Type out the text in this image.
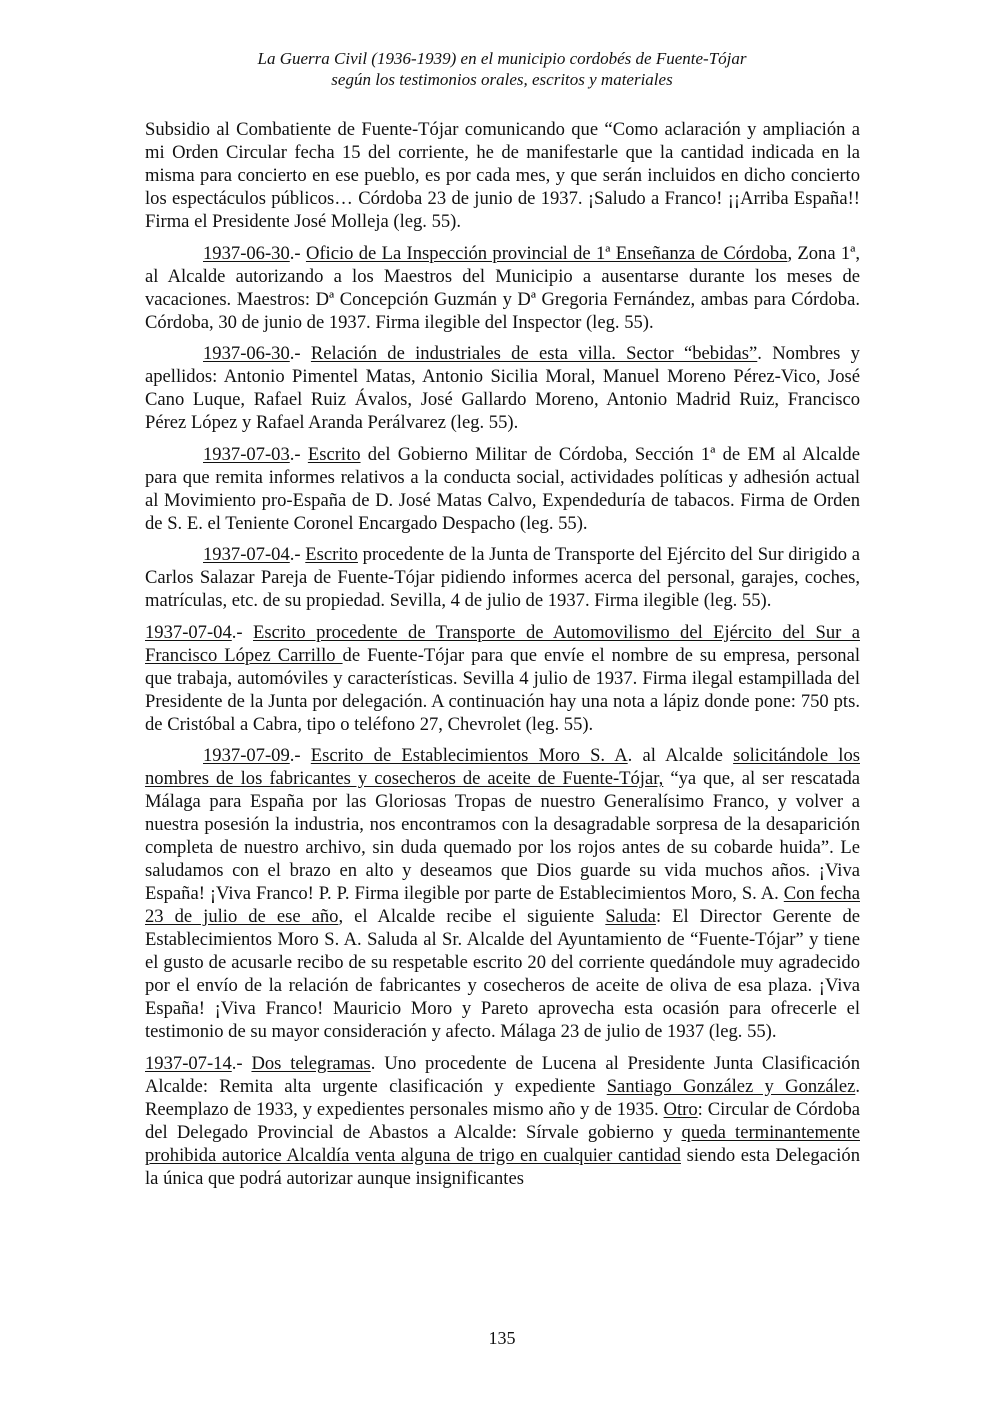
La Guerra Civil (1936-1939) en el municipio cordobés de Fuente-Tójar
según los testimonios orales, escritos y materiales

Subsidio al Combatiente de Fuente-Tójar comunicando que “Como aclaración y ampliación a mi Orden Circular fecha 15 del corriente, he de manifestarle que la cantidad indicada en la misma para concierto en ese pueblo, es por cada mes, y que serán incluidos en dicho concierto los espectáculos públicos… Córdoba 23 de junio de 1937. ¡Saludo a Franco! ¡¡Arriba España!! Firma el Presidente José Molleja (leg. 55).

1937-06-30.- Oficio de La Inspección provincial de 1ª Enseñanza de Córdoba, Zona 1ª, al Alcalde autorizando a los Maestros del Municipio a ausentarse durante los meses de vacaciones. Maestros: Dª Concepción Guzmán y Dª Gregoria Fernández, ambas para Córdoba. Córdoba, 30 de junio de 1937. Firma ilegible del Inspector (leg. 55).

1937-06-30.- Relación de industriales de esta villa. Sector “bebidas”. Nombres y apellidos: Antonio Pimentel Matas, Antonio Sicilia Moral, Manuel Moreno Pérez-Vico, José Cano Luque, Rafael Ruiz Ávalos, José Gallardo Moreno, Antonio Madrid Ruiz, Francisco Pérez López y Rafael Aranda Perálvarez (leg. 55).

1937-07-03.- Escrito del Gobierno Militar de Córdoba, Sección 1ª de EM al Alcalde para que remita informes relativos a la conducta social, actividades políticas y adhesión actual al Movimiento pro-España de D. José Matas Calvo, Expendeduría de tabacos. Firma de Orden de S. E. el Teniente Coronel Encargado Despacho (leg. 55).

1937-07-04.- Escrito procedente de la Junta de Transporte del Ejército del Sur dirigido a Carlos Salazar Pareja de Fuente-Tójar pidiendo informes acerca del personal, garajes, coches, matrículas, etc. de su propiedad. Sevilla, 4 de julio de 1937. Firma ilegible (leg. 55).

1937-07-04.- Escrito procedente de Transporte de Automovilismo del Ejército del Sur a Francisco López Carrillo de Fuente-Tójar para que envíe el nombre de su empresa, personal que trabaja, automóviles y características. Sevilla 4 julio de 1937. Firma ilegal estampillada del Presidente de la Junta por delegación. A continuación hay una nota a lápiz donde pone: 750 pts. de Cristóbal a Cabra, tipo o teléfono 27, Chevrolet (leg. 55).

1937-07-09.- Escrito de Establecimientos Moro S. A. al Alcalde solicitándole los nombres de los fabricantes y cosecheros de aceite de Fuente-Tójar, “ya que, al ser rescatada Málaga para España por las Gloriosas Tropas de nuestro Generalísimo Franco, y volver a nuestra posesión la industria, nos encontramos con la desagradable sorpresa de la desaparición completa de nuestro archivo, sin duda quemado por los rojos antes de su cobarde huida”. Le saludamos con el brazo en alto y deseamos que Dios guarde su vida muchos años. ¡Viva España! ¡Viva Franco! P. P. Firma ilegible por parte de Establecimientos Moro, S. A. Con fecha 23 de julio de ese año, el Alcalde recibe el siguiente Saluda: El Director Gerente de Establecimientos Moro S. A. Saluda al Sr. Alcalde del Ayuntamiento de “Fuente-Tójar” y tiene el gusto de acusarle recibo de su respetable escrito 20 del corriente quedándole muy agradecido por el envío de la relación de fabricantes y cosecheros de aceite de oliva de esa plaza. ¡Viva España! ¡Viva Franco! Mauricio Moro y Pareto aprovecha esta ocasión para ofrecerle el testimonio de su mayor consideración y afecto. Málaga 23 de julio de 1937 (leg. 55).

1937-07-14.- Dos telegramas. Uno procedente de Lucena al Presidente Junta Clasificación Alcalde: Remita alta urgente clasificación y expediente Santiago González y González. Reemplazo de 1933, y expedientes personales mismo año y de 1935. Otro: Circular de Córdoba del Delegado Provincial de Abastos a Alcalde: Sírvale gobierno y queda terminantemente prohibida autorice Alcaldía venta alguna de trigo en cualquier cantidad siendo esta Delegación la única que podrá autorizar aunque insignificantes

135
